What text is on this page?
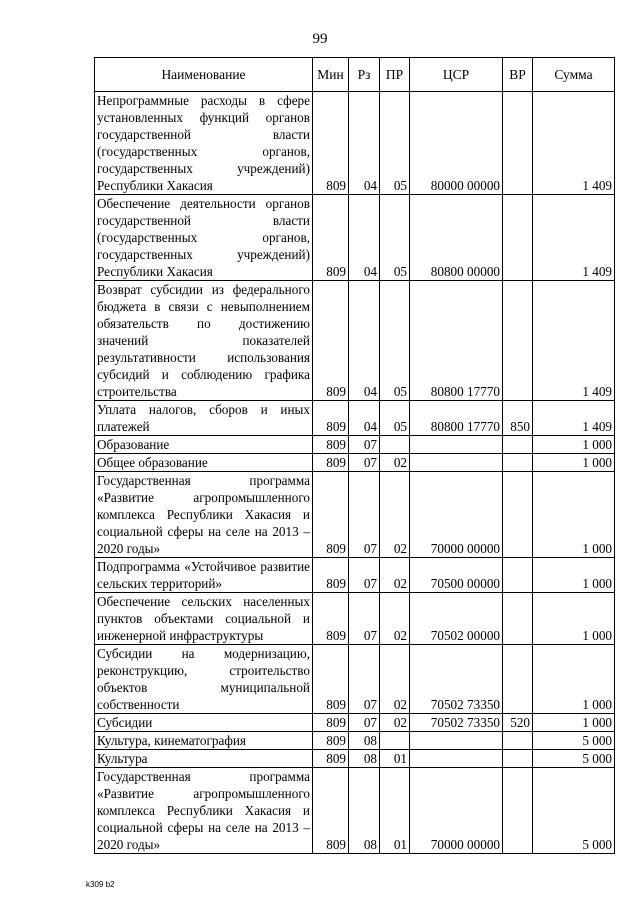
99
Наименование	Мин	Рз	ПР	ЦСР	ВР	Сумма
Непрограммные расходы в сфере установленных функций органов государственной власти (государственных органов, государственных учреждений) Республики Хакасия	809	04	05	80000 00000		1 409
Обеспечение деятельности органов государственной власти (государственных органов, государственных учреждений) Республики Хакасия	809	04	05	80800 00000		1 409
Возврат субсидии из федерального бюджета в связи с невыполнением обязательств по достижению значений показателей результативности использования субсидий и соблюдению графика строительства	809	04	05	80800 17770		1 409
Уплата налогов, сборов и иных платежей	809	04	05	80800 17770	850	1 409
Образование	809	07				1 000
Общее образование	809	07	02			1 000
Государственная программа «Развитие агропромышленного комплекса Республики Хакасия и социальной сферы на селе на 2013 – 2020 годы»	809	07	02	70000 00000		1 000
Подпрограмма «Устойчивое развитие сельских территорий»	809	07	02	70500 00000		1 000
Обеспечение сельских населенных пунктов объектами социальной и инженерной инфраструктуры	809	07	02	70502 00000		1 000
Субсидии на модернизацию, реконструкцию, строительство объектов муниципальной собственности	809	07	02	70502 73350		1 000
Субсидии	809	07	02	70502 73350	520	1 000
Культура, кинематография	809	08				5 000
Культура	809	08	01			5 000
Государственная программа «Развитие агропромышленного комплекса Республики Хакасия и социальной сферы на селе на 2013 – 2020 годы»	809	08	01	70000 00000		5 000
k309 b2
